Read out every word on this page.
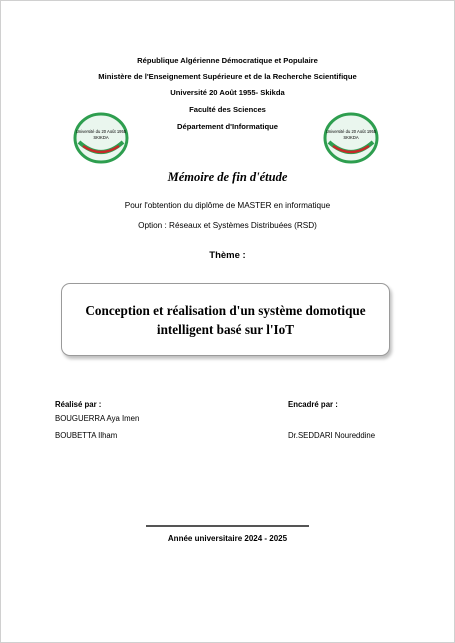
République Algérienne Démocratique et Populaire
Ministère de l'Enseignement Supérieure et de la Recherche Scientifique
Université 20 Août 1955- Skikda
Faculté des Sciences
Département d'Informatique
Université du 20 Août 1955
SKIKDA
Université du 20 Août 1955
SKIKDA
Mémoire de fin d'étude
Pour l'obtention du diplôme de MASTER en informatique
Option : Réseaux et Systèmes Distribuées (RSD)
Thème :
Conception et réalisation d'un système domotique intelligent basé sur l'IoT
Réalisé par :
BOUGUERRA Aya Imen
BOUBETTA Ilham
Encadré par :
Dr.SEDDARI Noureddine
Année universitaire 2024 - 2025
